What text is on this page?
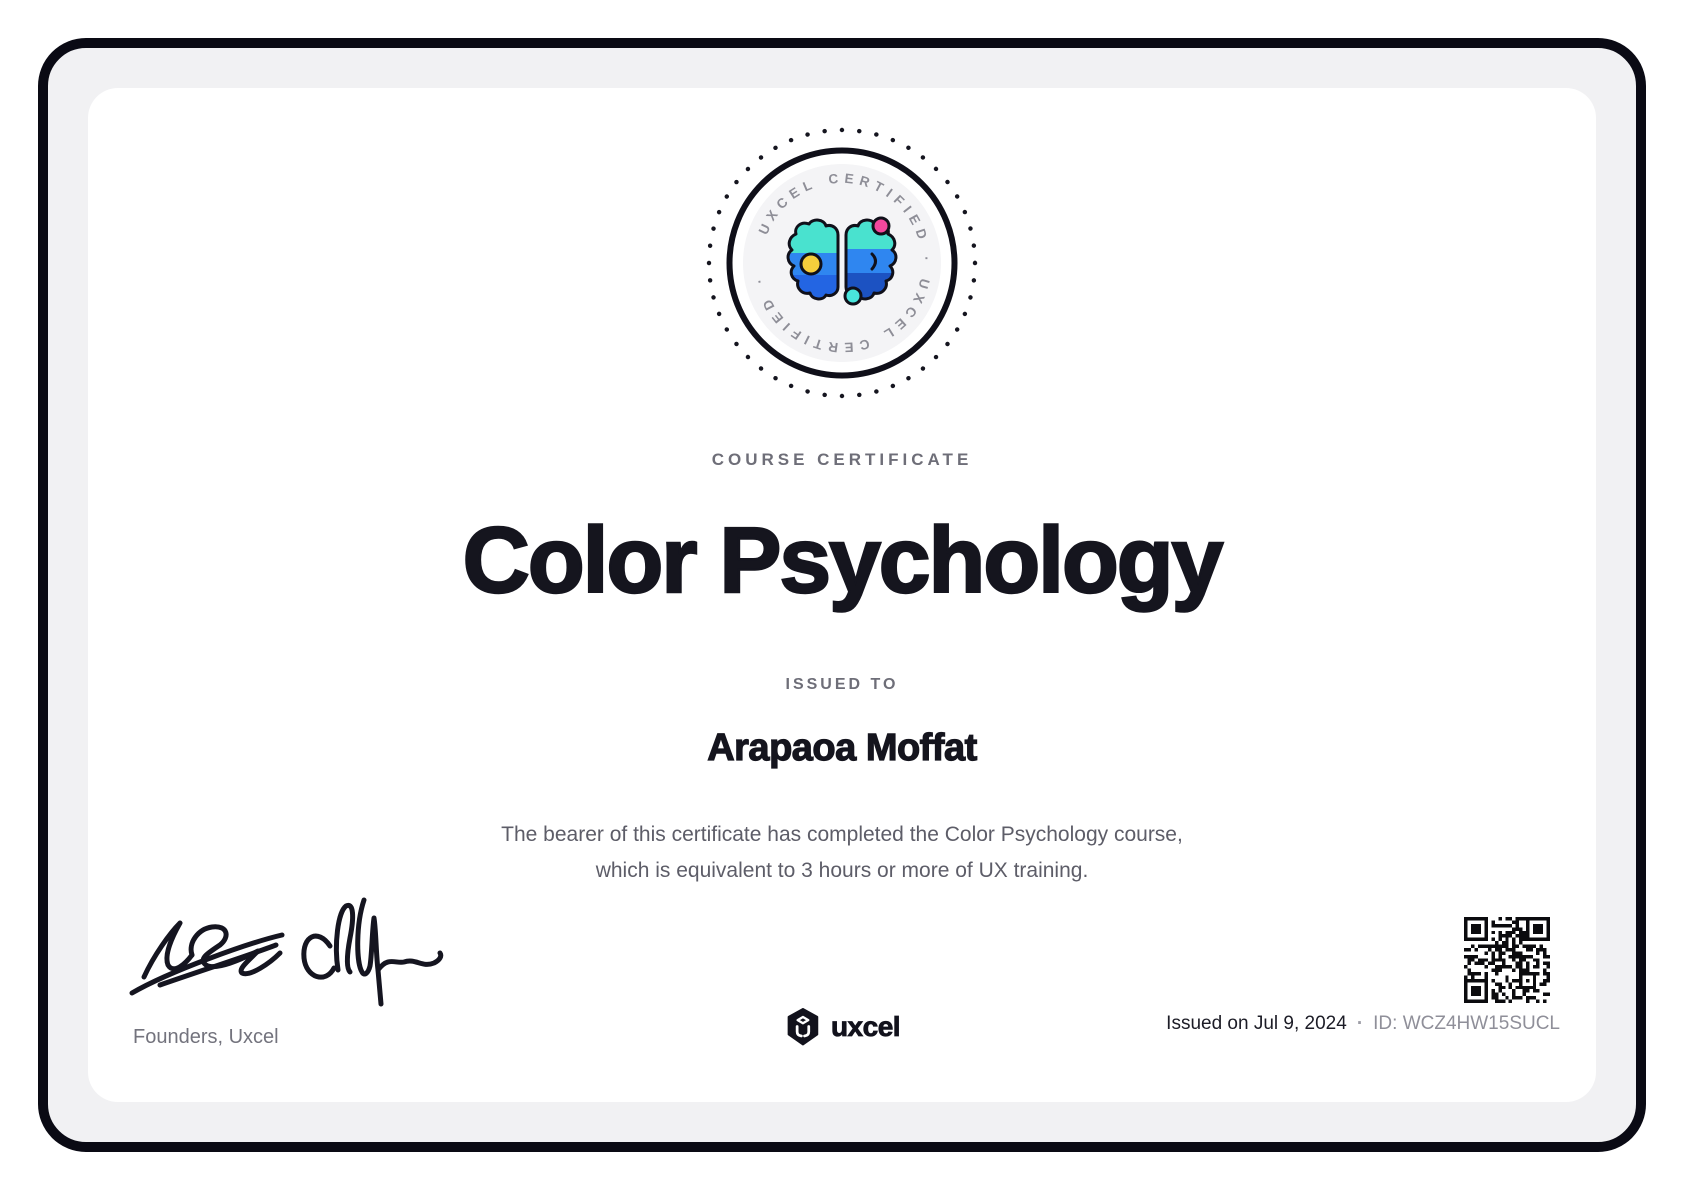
UXCEL CERTIFIED · UXCEL CERTIFIED ·
COURSE CERTIFICATE
Color Psychology
ISSUED TO
Arapaoa Moffat
The bearer of this certificate has completed the Color Psychology course,
which is equivalent to 3 hours or more of UX training.
Founders, Uxcel	uxcel	Issued on Jul 9, 2024 · ID: WCZ4HW15SUCL
